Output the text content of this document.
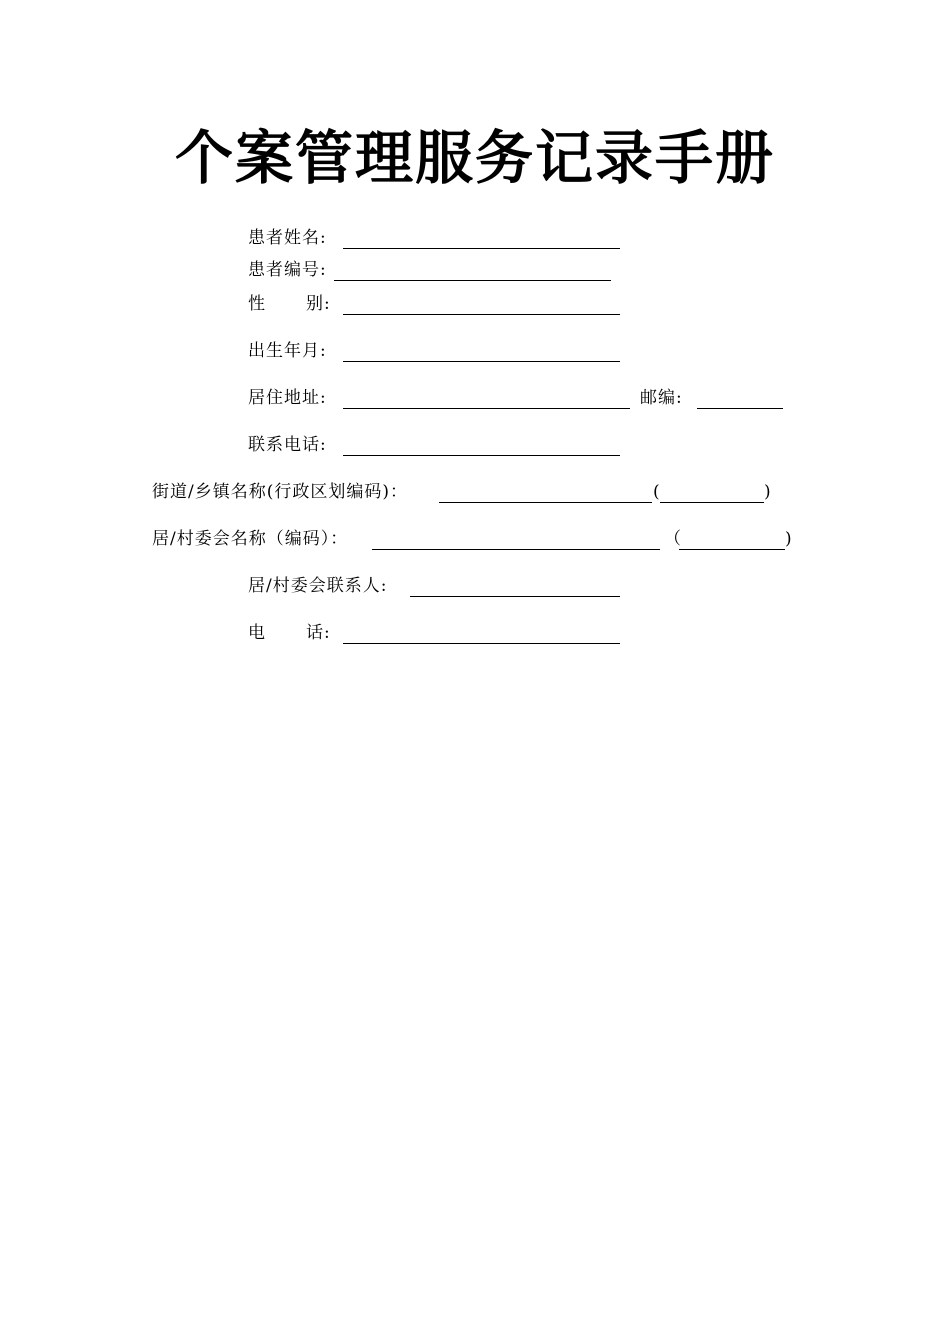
个案管理服务记录手册
患者姓名:
患者编号:
性 别:
出生年月:
居住地址:	邮编:
联系电话:
街道/乡镇名称(行政区划编码)：	(	)
居/村委会名称（编码）：	（	)
居/村委会联系人:
电 话:
